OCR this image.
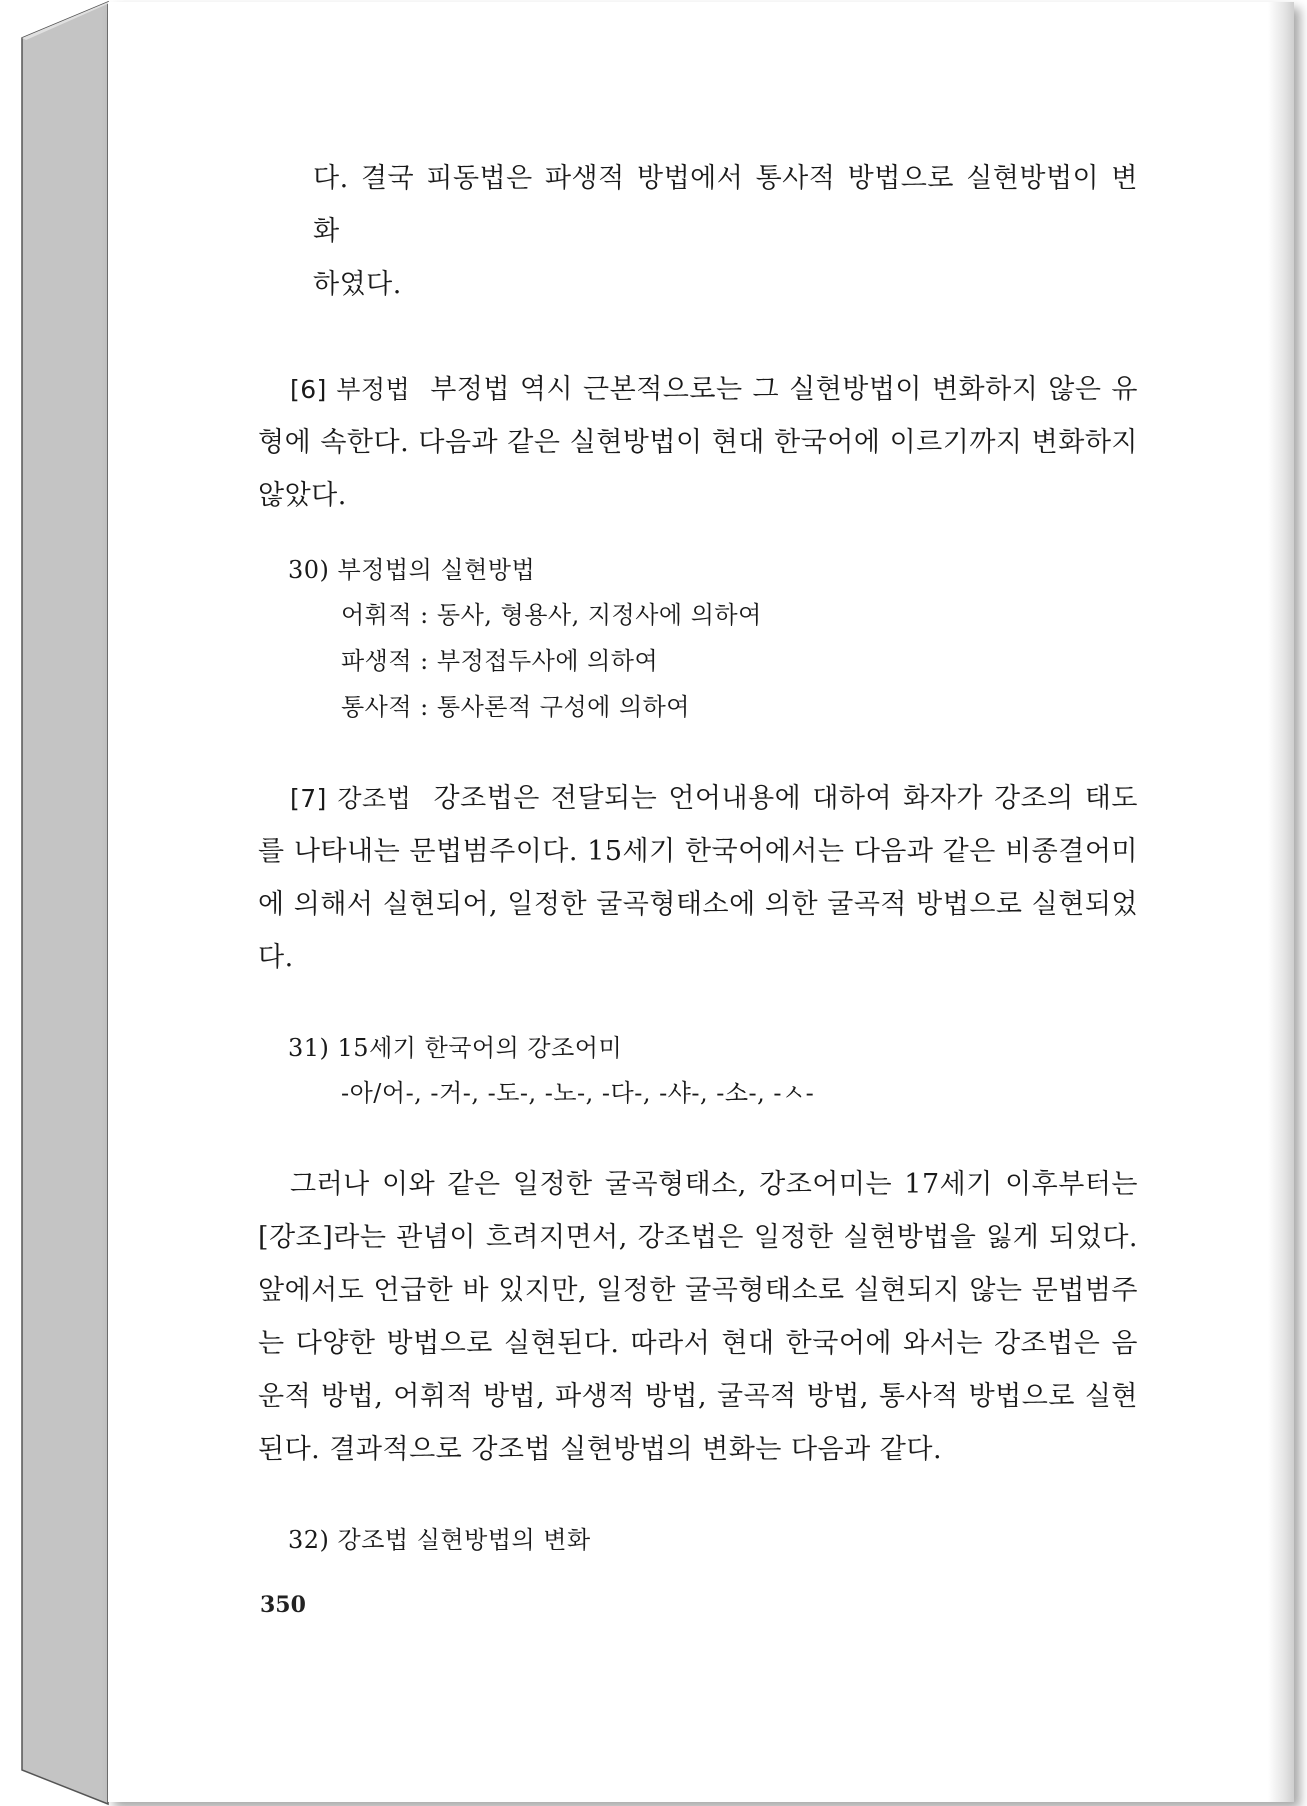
다. 결국 피동법은 파생적 방법에서 통사적 방법으로 실현방법이 변화

하였다.

[6] 부정법 부정법 역시 근본적으로는 그 실현방법이 변화하지 않은 유형에 속한다. 다음과 같은 실현방법이 현대 한국어에 이르기까지 변화하지 않았다.

30) 부정법의 실현방법

어휘적 : 동사, 형용사, 지정사에 의하여

파생적 : 부정접두사에 의하여

통사적 : 통사론적 구성에 의하여

[7] 강조법 강조법은 전달되는 언어내용에 대하여 화자가 강조의 태도를 나타내는 문법범주이다. 15세기 한국어에서는 다음과 같은 비종결어미에 의해서 실현되어, 일정한 굴곡형태소에 의한 굴곡적 방법으로 실현되었다.

31) 15세기 한국어의 강조어미

-아/어-, -거-, -도-, -노-, -다-, -샤-, -소-, -ㅅ-

그러나 이와 같은 일정한 굴곡형태소, 강조어미는 17세기 이후부터는 [강조]라는 관념이 흐려지면서, 강조법은 일정한 실현방법을 잃게 되었다. 앞에서도 언급한 바 있지만, 일정한 굴곡형태소로 실현되지 않는 문법범주는 다양한 방법으로 실현된다. 따라서 현대 한국어에 와서는 강조법은 음운적 방법, 어휘적 방법, 파생적 방법, 굴곡적 방법, 통사적 방법으로 실현된다. 결과적으로 강조법 실현방법의 변화는 다음과 같다.

32) 강조법 실현방법의 변화

350
